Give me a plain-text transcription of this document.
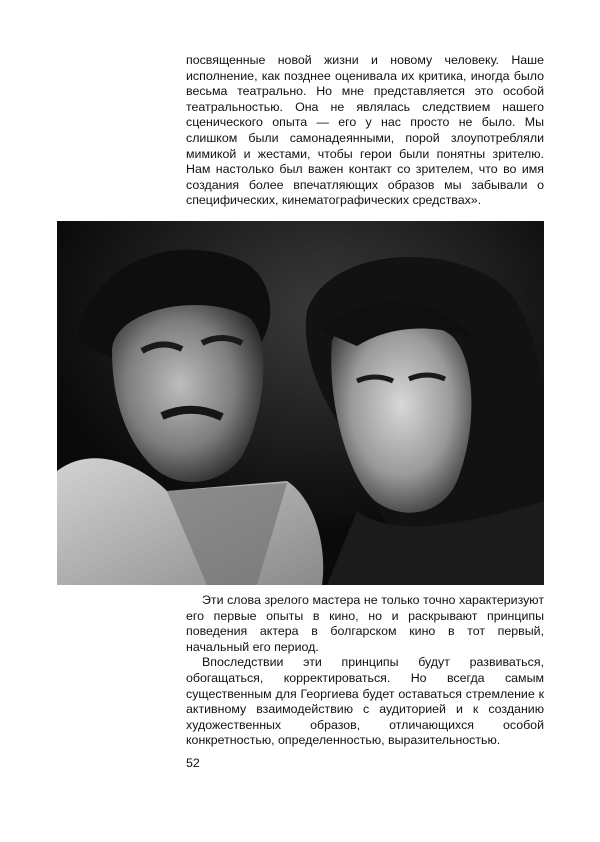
посвященные новой жизни и новому человеку. Наше исполнение, как позднее оценивала их критика, иногда было весьма театрально. Но мне представляется это особой театральностью. Она не являлась следствием нашего сценического опыта — его у нас просто не было. Мы слишком были самонадеянными, порой злоупотребляли мимикой и жестами, чтобы герои были понятны зрителю. Нам настолько был важен контакт со зрителем, что во имя создания более впечатляющих образов мы забывали о специфических, кинематографических средствах».

Эти слова зрелого мастера не только точно характеризуют его первые опыты в кино, но и раскрывают принципы поведения актера в болгарском кино в тот первый, начальный его период.

Впоследствии эти принципы будут развиваться, обогащаться, корректироваться. Но всегда самым существенным для Георгиева будет оставаться стремление к активному взаимодействию с аудиторией и к созданию художественных образов, отличающихся особой конкретностью, определенностью, выразительностью.

52
